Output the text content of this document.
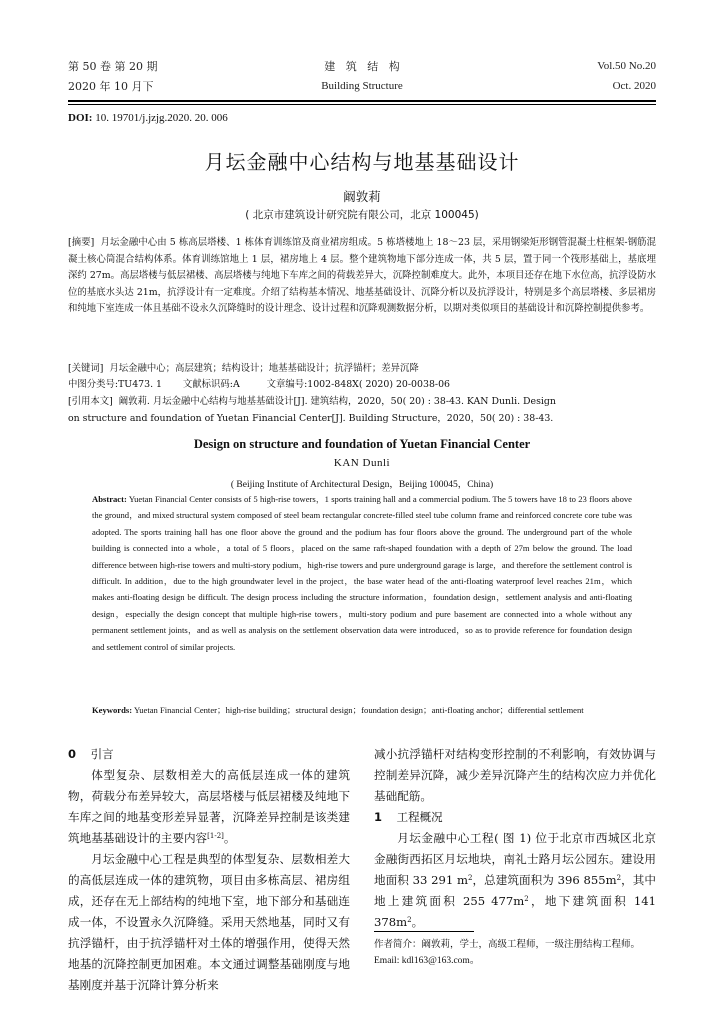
第 50 卷 第 20 期
2020 年 10 月下
建   筑   结   构
Building Structure
Vol.50 No.20
Oct. 2020
DOI: 10. 19701/j.jzjg.2020. 20. 006
月坛金融中心结构与地基基础设计
阚敦莉
( 北京市建筑设计研究院有限公司，北京 100045)
[摘要] 月坛金融中心由 5 栋高层塔楼、1 栋体育训练馆及商业裙房组成。5 栋塔楼地上 18～23 层，采用钢梁矩形钢管混凝土柱框架-钢筋混凝土核心筒混合结构体系。体育训练馆地上 1 层，裙房地上 4 层。整个建筑物地下部分连成一体，共 5 层，置于同一个筏形基础上，基底埋深约 27m。高层塔楼与低层裙楼、高层塔楼与纯地下车库之间的荷载差异大，沉降控制难度大。此外，本项目还存在地下水位高，抗浮设防水位的基底水头达 21m，抗浮设计有一定难度。介绍了结构基本情况、地基基础设计、沉降分析以及抗浮设计，特别是多个高层塔楼、多层裙房和纯地下室连成一体且基础不设永久沉降缝时的设计理念、设计过程和沉降观测数据分析，以期对类似项目的基础设计和沉降控制提供参考。
[关键词] 月坛金融中心；高层建筑；结构设计；地基基础设计；抗浮锚杆；差异沉降
中图分类号:TU473. 1 文献标识码:A	文章编号:1002-848X( 2020) 20-0038-06
[引用本文] 阚敦莉. 月坛金融中心结构与地基基础设计[J]. 建筑结构，2020，50( 20) : 38-43. KAN Dunli. Design
on structure and foundation of Yuetan Financial Center[J]. Building Structure，2020，50( 20) : 38-43.
Design on structure and foundation of Yuetan Financial Center
KAN Dunli
( Beijing Institute of Architectural Design，Beijing 100045，China)
Abstract: Yuetan Financial Center consists of 5 high-rise towers，1 sports training hall and a commercial podium. The 5 towers have 18 to 23 floors above the ground，and mixed structural system composed of steel beam rectangular concrete-filled steel tube column frame and reinforced concrete core tube was adopted. The sports training hall has one floor above the ground and the podium has four floors above the ground. The underground part of the whole building is connected into a whole，a total of 5 floors，placed on the same raft-shaped foundation with a depth of 27m below the ground. The load difference between high-rise towers and multi-story podium，high-rise towers and pure underground garage is large，and therefore the settlement control is difficult. In addition，due to the high groundwater level in the project，the base water head of the anti-floating waterproof level reaches 21m，which makes anti-floating design be difficult. The design process including the structure information，foundation design，settlement analysis and anti-floating design，especially the design concept that multiple high-rise towers，multi-story podium and pure basement are connected into a whole without any permanent settlement joints，and as well as analysis on the settlement observation data were introduced，so as to provide reference for foundation design and settlement control of similar projects.
Keywords: Yuetan Financial Center；high-rise building；structural design；foundation design；anti-floating anchor；differential settlement
0 引言

体型复杂、层数相差大的高低层连成一体的建筑物，荷载分布差异较大，高层塔楼与低层裙楼及纯地下车库之间的地基变形差异显著，沉降差异控制是该类建筑地基基础设计的主要内容[1-2]。

月坛金融中心工程是典型的体型复杂、层数相差大的高低层连成一体的建筑物，项目由多栋高层、裙房组成，还存在无上部结构的纯地下室，地下部分和基础连成一体，不设置永久沉降缝。采用天然地基，同时又有抗浮锚杆，由于抗浮锚杆对土体的增强作用，使得天然地基的沉降控制更加困难。本文通过调整基础刚度与地基刚度并基于沉降计算分析来

减小抗浮锚杆对结构变形控制的不利影响，有效协调与控制差异沉降，减少差异沉降产生的结构次应力并优化基础配筋。
1 工程概况

月坛金融中心工程( 图 1) 位于北京市西城区北京金融街西拓区月坛地块，南礼士路月坛公园东。建设用地面积 33 291 $m^2$，总建筑面积为 396 $855m^2$，其中地上建筑面积 255 $477m^2$，地下建筑面积 141 $378m^2$。

作者简介：阚敦莉，学士，高级工程师，一级注册结构工程师。
Email: kdl163@163.com。
